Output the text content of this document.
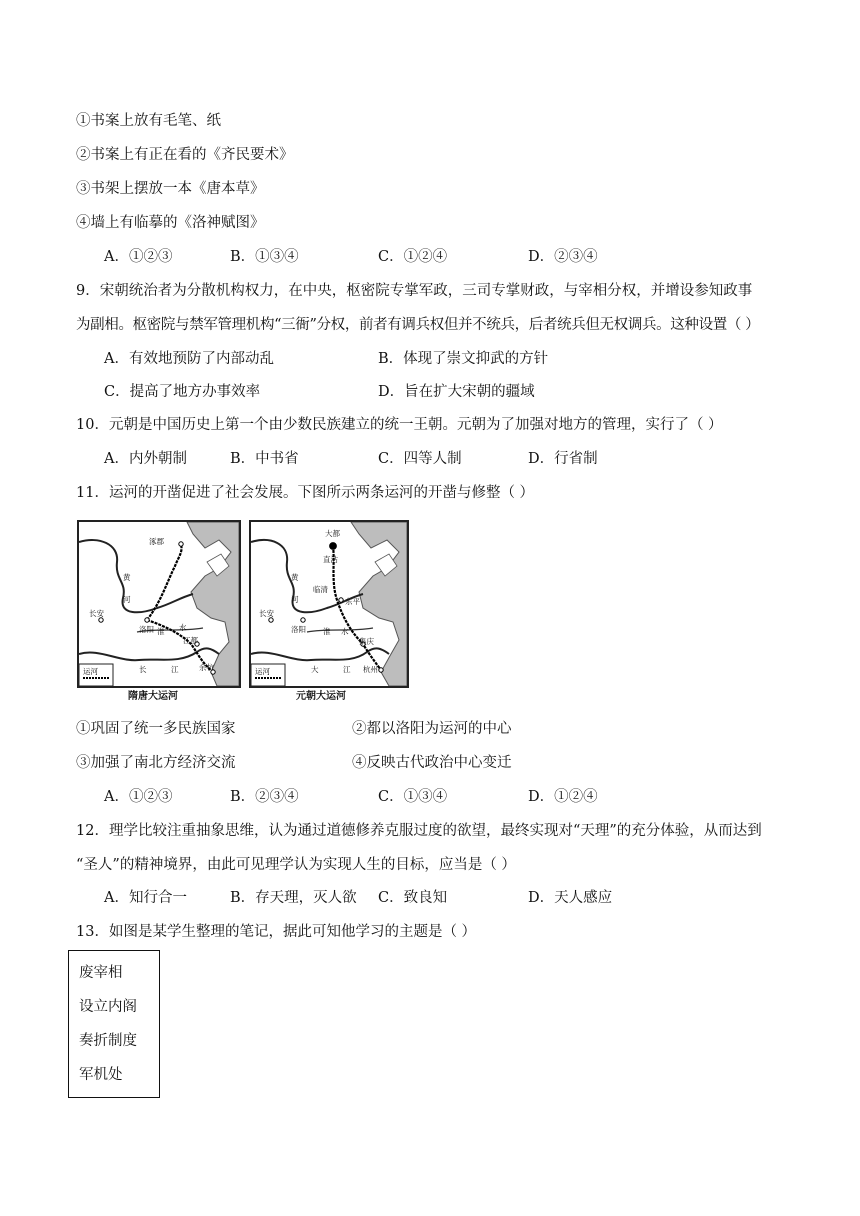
①书案上放有毛笔、纸
②书案上有正在看的《齐民要术》
③书架上摆放一本《唐本草》
④墙上有临摹的《洛神赋图》
A．①②③	B．①③④	C．①②④	D．②③④
9．宋朝统治者为分散机构权力，在中央，枢密院专掌军政，三司专掌财政，与宰相分权，并增设参知政事
为副相。枢密院与禁军管理机构“三衙”分权，前者有调兵权但并不统兵，后者统兵但无权调兵。这种设置（ ）
A．有效地预防了内部动乱	B．体现了崇文抑武的方针
C．提高了地方办事效率	D．旨在扩大宋朝的疆域
10．元朝是中国历史上第一个由少数民族建立的统一王朝。元朝为了加强对地方的管理，实行了（ ）
A．内外朝制	B．中书省	C．四等人制	D．行省制
11．运河的开凿促进了社会发展。下图所示两条运河的开凿与修整（ ）
涿郡
黄
河
长安
洛阳 淮 水
江都
长	江	余杭
运河
隋唐大运河
大都
直沽
黄
河
临清
东平
长安
洛阳 淮 水
集庆
大	江 杭州
运河
元朝大运河
①巩固了统一多民族国家	②都以洛阳为运河的中心
③加强了南北方经济交流	④反映古代政治中心变迁
A．①②③	B．②③④	C．①③④	D．①②④
12．理学比较注重抽象思维，认为通过道德修养克服过度的欲望，最终实现对“天理”的充分体验，从而达到
“圣人”的精神境界，由此可见理学认为实现人生的目标，应当是（ ）
A．知行合一	B．存天理，灭人欲 C．致良知	D．天人感应
13．如图是某学生整理的笔记，据此可知他学习的主题是（ ）
废宰相
设立内阁
奏折制度
军机处
